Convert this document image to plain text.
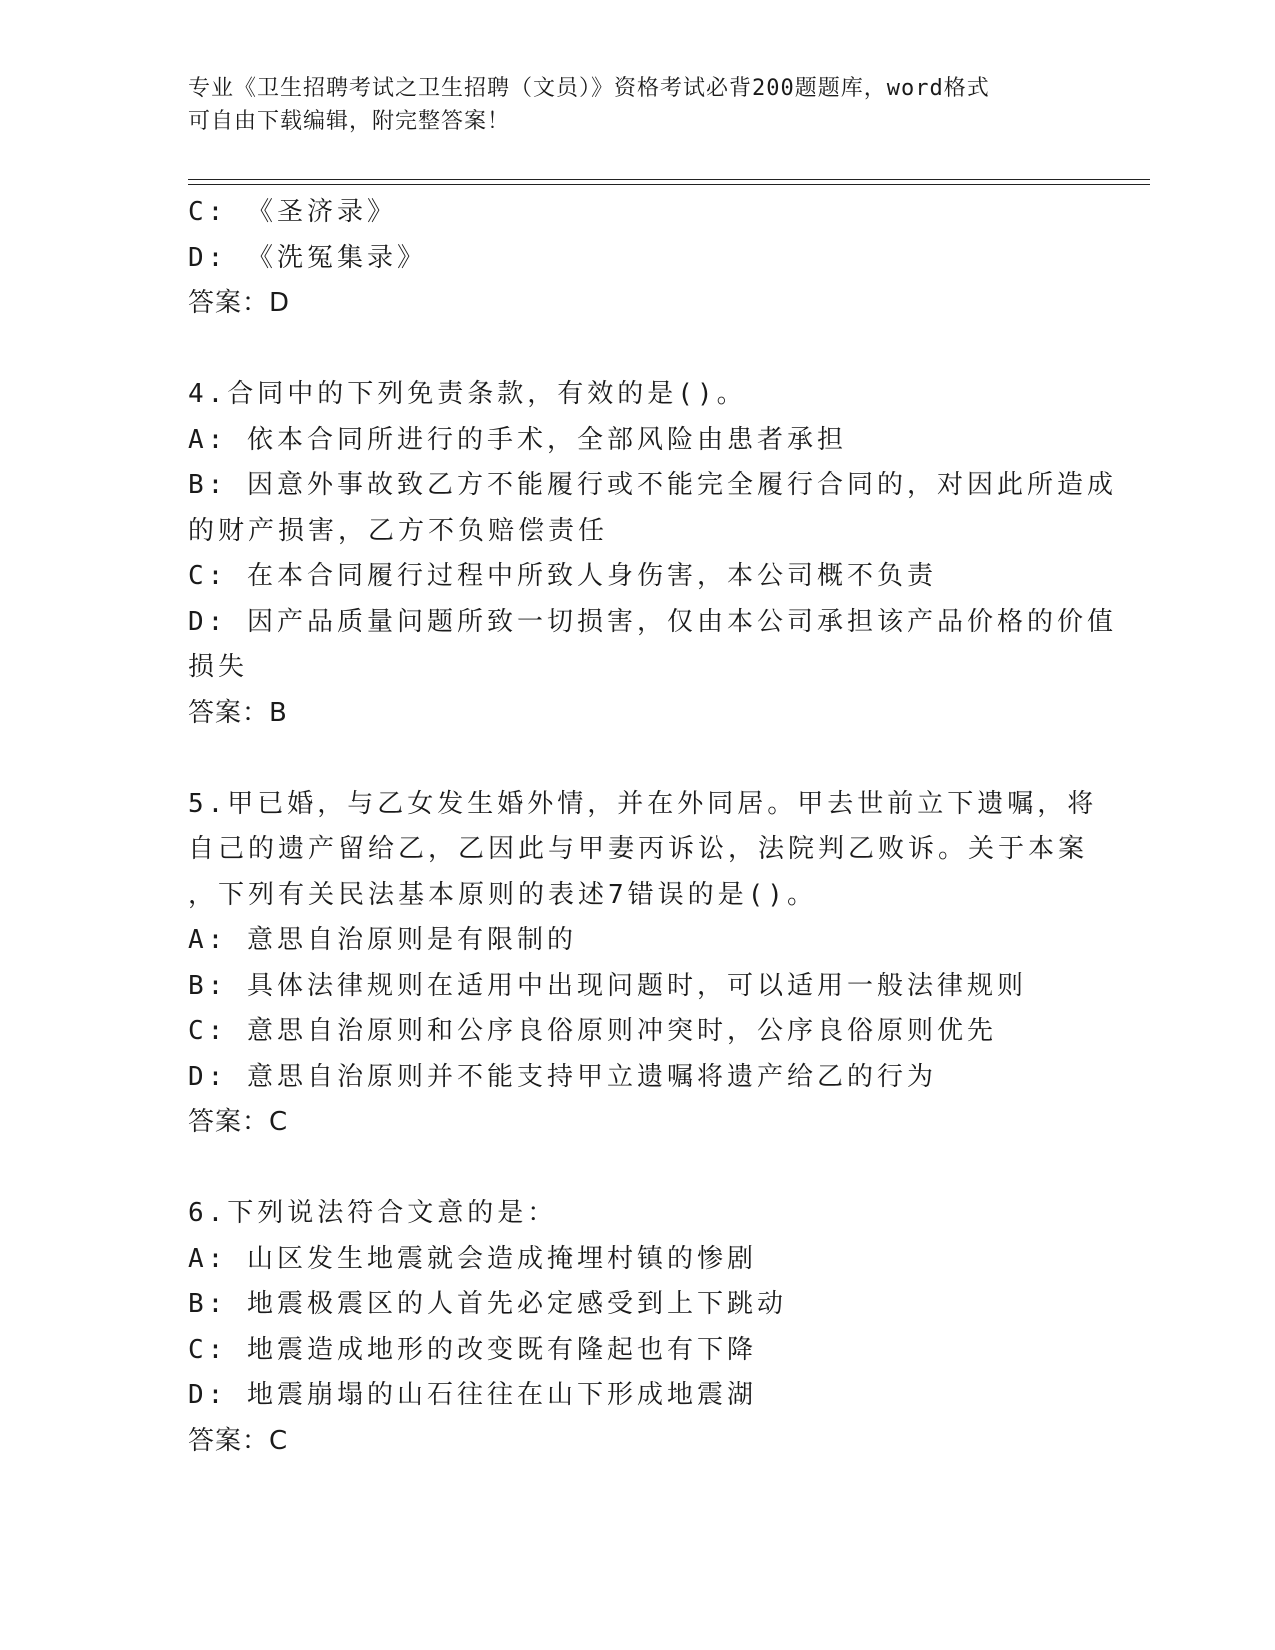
专业《卫生招聘考试之卫生招聘（文员）》资格考试必背200题题库，word格式
可自由下载编辑，附完整答案！
C: 《圣济录》
D: 《洗冤集录》
答案：D
4.合同中的下列免责条款，有效的是()。
A: 依本合同所进行的手术，全部风险由患者承担
B: 因意外事故致乙方不能履行或不能完全履行合同的，对因此所造成
的财产损害，乙方不负赔偿责任
C: 在本合同履行过程中所致人身伤害，本公司概不负责
D: 因产品质量问题所致一切损害，仅由本公司承担该产品价格的价值
损失
答案：B
5.甲已婚，与乙女发生婚外情，并在外同居。甲去世前立下遗嘱，将
自己的遗产留给乙，乙因此与甲妻丙诉讼，法院判乙败诉。关于本案
，下列有关民法基本原则的表述7错误的是()。
A: 意思自治原则是有限制的
B: 具体法律规则在适用中出现问题时，可以适用一般法律规则
C: 意思自治原则和公序良俗原则冲突时，公序良俗原则优先
D: 意思自治原则并不能支持甲立遗嘱将遗产给乙的行为
答案：C
6.下列说法符合文意的是：
A: 山区发生地震就会造成掩埋村镇的惨剧
B: 地震极震区的人首先必定感受到上下跳动
C: 地震造成地形的改变既有隆起也有下降
D: 地震崩塌的山石往往在山下形成地震湖
答案：C
